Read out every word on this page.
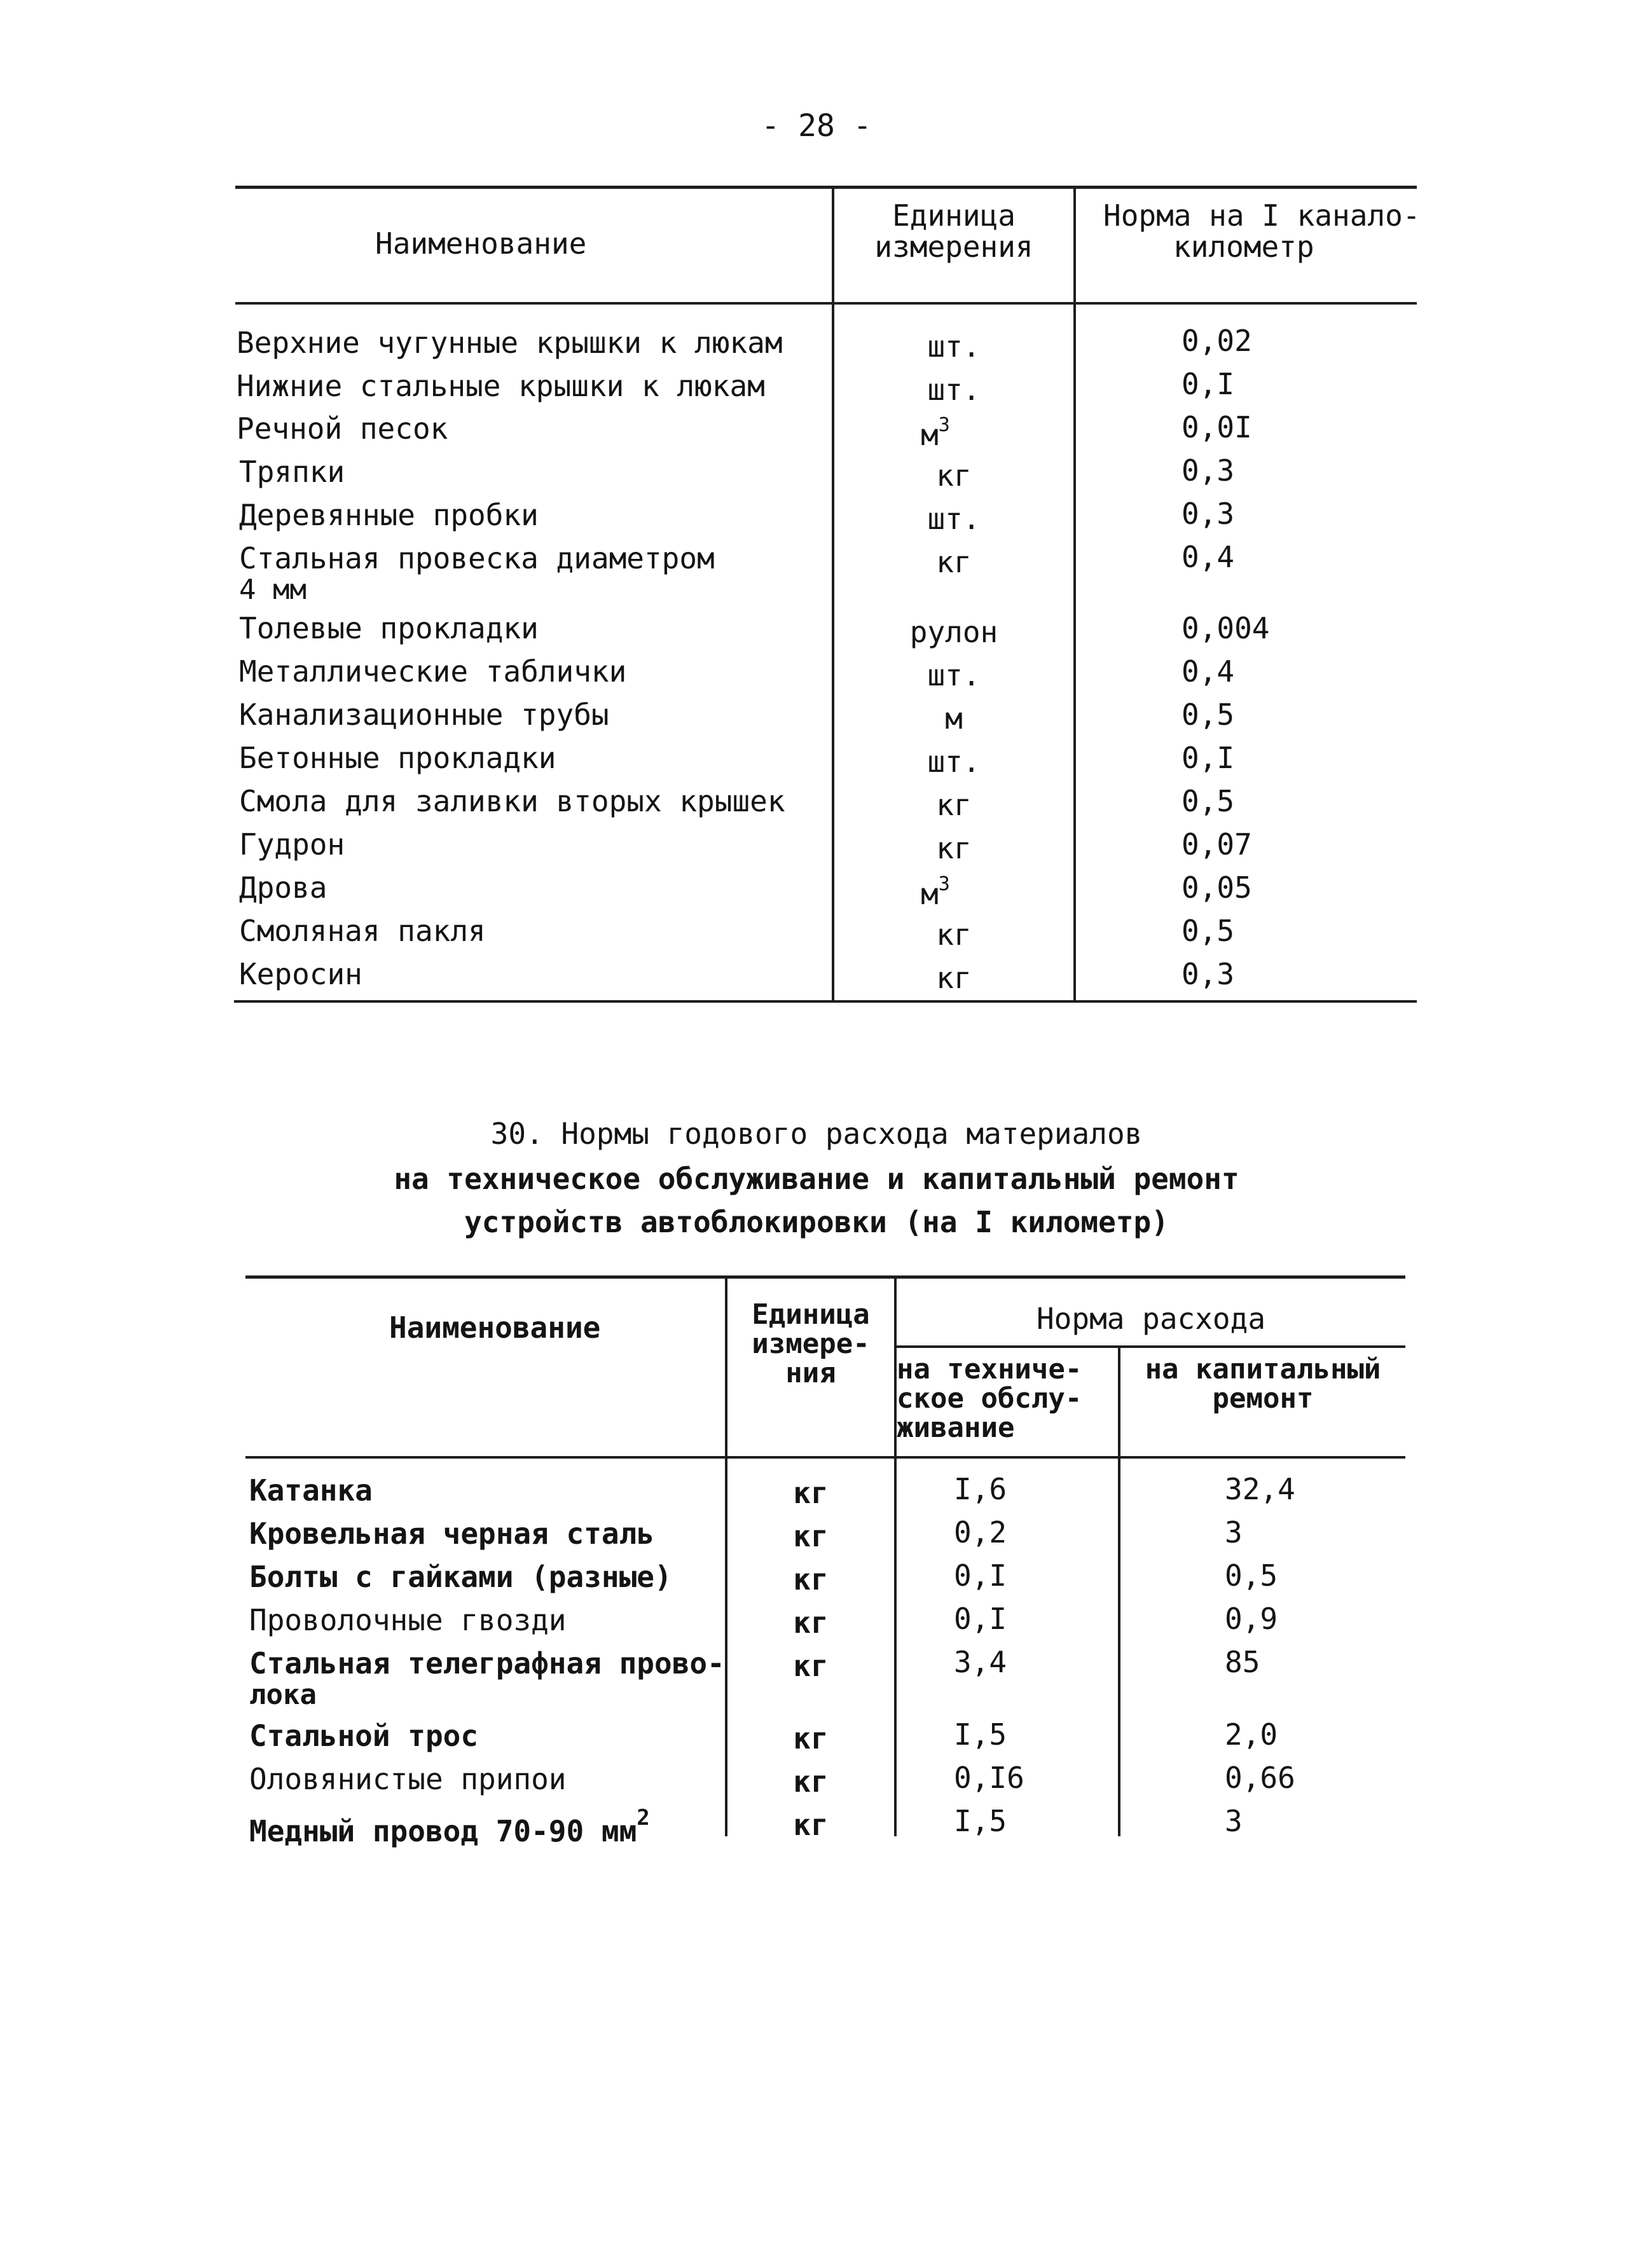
- 28 -
Наименование
Единица
измерения
Норма на I канало-
километр
Верхние чугунные крышки к люкам	шт.	0,02
Нижние стальные крышки к люкам	шт.	0,I
Речной песок	$м^3$	0,0I
Тряпки	кг	0,3
Деревянные пробки	шт.	0,3
Стальная провеска диаметром
4 мм
кг	0,4
Толевые прокладки	рулон	0,004
Металлические таблички	шт.	0,4
Канализационные трубы	м	0,5
Бетонные прокладки	шт.	0,I
Смола для заливки вторых крышек	кг	0,5
Гудрон	кг	0,07
Дрова	$м^3$	0,05
Смоляная пакля	кг	0,5
Керосин	кг	0,3
30. Нормы годового расхода материалов
на техническое обслуживание и капитальный ремонт
устройств автоблокировки (на I километр)
Наименование	Единица
измере-
ния
Норма расхода
на техниче-
ское обслу-
живание
на капитальный
ремонт
Катанка	кг	I,6	32,4
Кровельная черная сталь	кг	0,2	3
Болты с гайками (разные)	кг	0,I	0,5
Проволочные гвозди	кг	0,I	0,9
Стальная телеграфная прово-
лока
кг	3,4	85
Стальной трос	кг	I,5	2,0
Оловянистые припои	кг	0,I6	0,66
Медный провод 70-90 $мм^2$	кг	I,5	3
